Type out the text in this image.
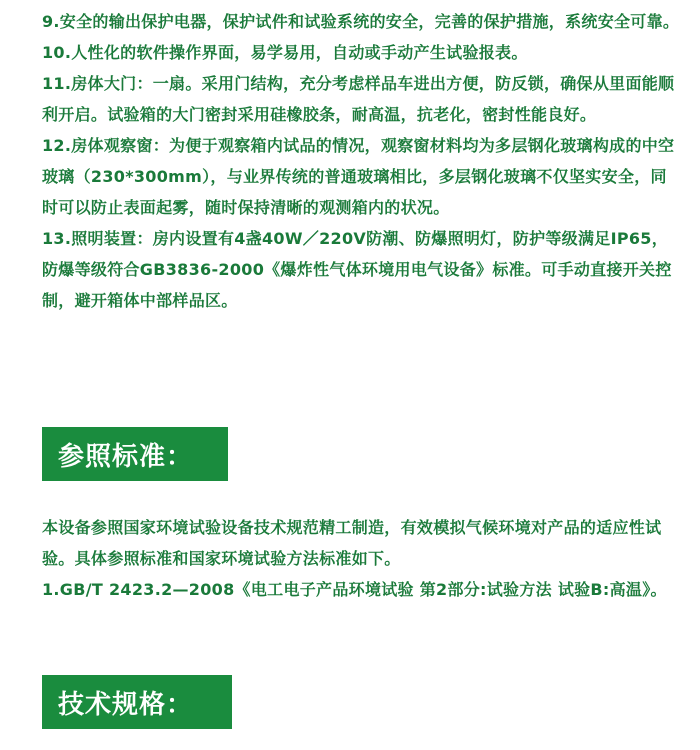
9.安全的输出保护电器，保护试件和试验系统的安全，完善的保护措施，系统安全可靠。

10.人性化的软件操作界面，易学易用，自动或手动产生试验报表。

11.房体大门：一扇。采用门结构，充分考虑样品车进出方便，防反锁，确保从里面能顺利开启。试验箱的大门密封采用硅橡胶条，耐高温，抗老化，密封性能良好。

12.房体观察窗：为便于观察箱内试品的情况，观察窗材料均为多层钢化玻璃构成的中空玻璃（230*300mm），与业界传统的普通玻璃相比，多层钢化玻璃不仅坚实安全，同时可以防止表面起雾，随时保持清晰的观测箱内的状况。

13.照明装置：房内设置有4盏40W／220V防潮、防爆照明灯，防护等级满足IP65，防爆等级符合GB3836-2000《爆炸性气体环境用电气设备》标准。可手动直接开关控制，避开箱体中部样品区。

参照标准：

本设备参照国家环境试验设备技术规范精工制造，有效模拟气候环境对产品的适应性试验。具体参照标准和国家环境试验方法标准如下。

1.GB/T 2423.2—2008《电工电子产品环境试验 第2部分:试验方法 试验B:高温》。

技术规格：
